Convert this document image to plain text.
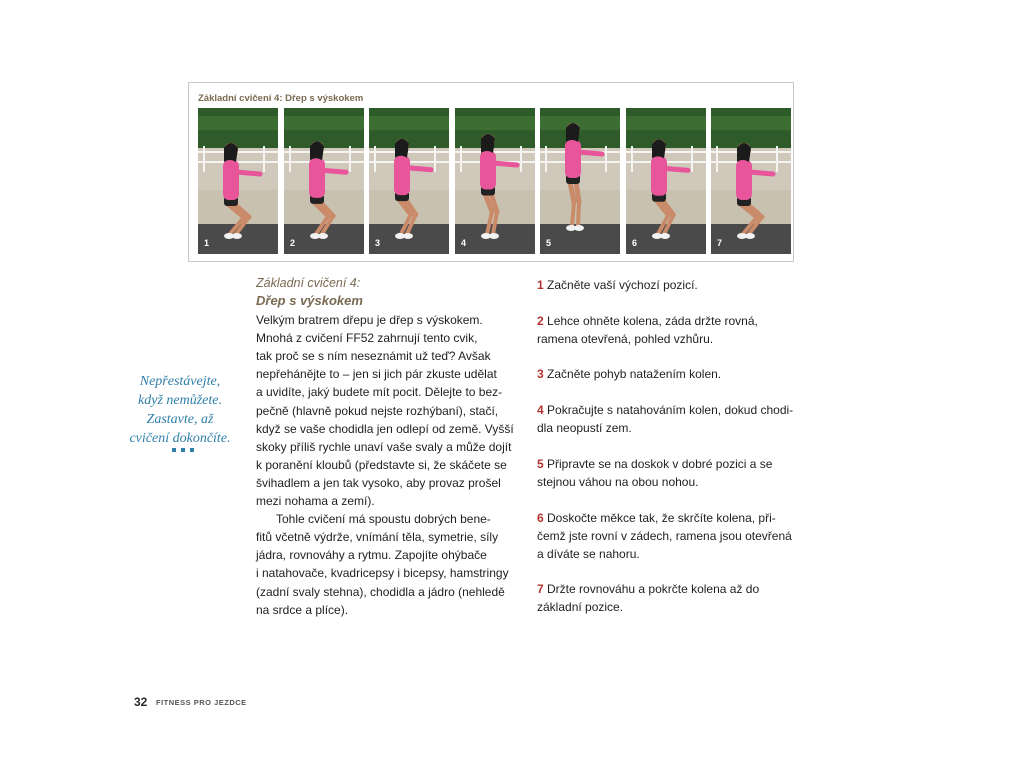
Základní cvičení 4: Dřep s výskokem
1	2	3	4	5	6	7
Nepřestávejte,
když nemůžete.
Zastavte, až
cvičení dokončíte.
Základní cvičení 4:
Dřep s výskokem
Velkým bratrem dřepu je dřep s výskokem.
Mnohá z cvičení FF52 zahrnují tento cvik,
tak proč se s ním neseznámit už teď? Avšak
nepřehánějte to – jen si jich pár zkuste udělat
a uvidíte, jaký budete mít pocit. Dělejte to bez-
pečně (hlavně pokud nejste rozhýbaní), stačí,
když se vaše chodidla jen odlepí od země. Vyšší
skoky příliš rychle unaví vaše svaly a může dojít
k poranění kloubů (představte si, že skáčete se
švihadlem a jen tak vysoko, aby provaz prošel
mezi nohama a zemí).
Tohle cvičení má spoustu dobrých bene-
fitů včetně výdrže, vnímání těla, symetrie, síly
jádra, rovnováhy a rytmu. Zapojíte ohýbače
i natahovače, kvadricepsy i bicepsy, hamstringy
(zadní svaly stehna), chodidla a jádro (nehledě
na srdce a plíce).
1 Začněte vaší výchozí pozicí.
2 Lehce ohněte kolena, záda držte rovná,
ramena otevřená, pohled vzhůru.
3 Začněte pohyb natažením kolen.
4 Pokračujte s natahováním kolen, dokud chodi-
dla neopustí zem.
5 Připravte se na doskok v dobré pozici a se
stejnou váhou na obou nohou.
6 Doskočte měkce tak, že skrčíte kolena, při-
čemž jste rovní v zádech, ramena jsou otevřená
a díváte se nahoru.
7 Držte rovnováhu a pokrčte kolena až do
základní pozice.
32 FITNESS PRO JEZDCE
